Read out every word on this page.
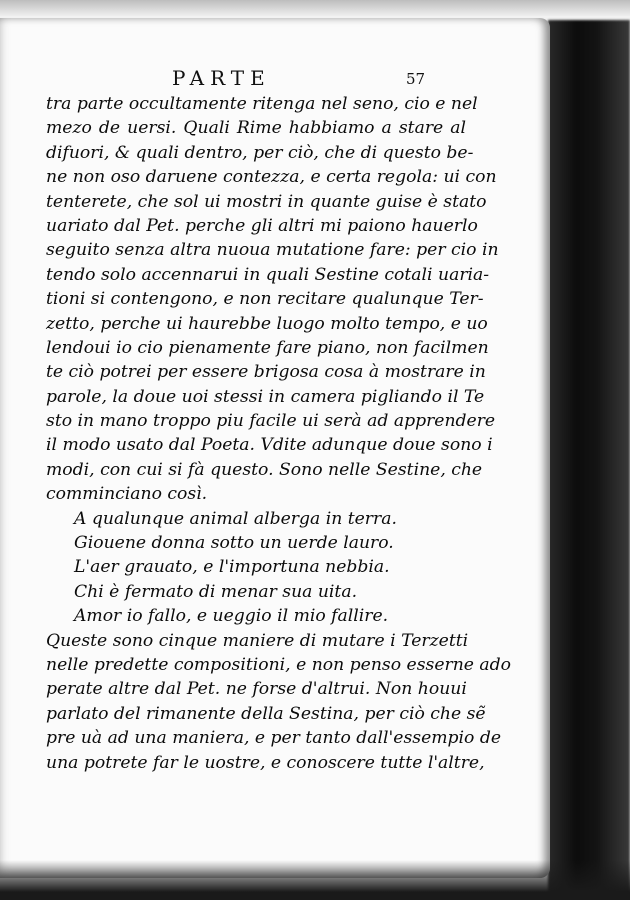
PARTE	57
tra parte occultamente ritenga nel seno, cio e nel
mezo de uersi. Quali Rime habbiamo a stare al
difuori, & quali dentro, per ciò, che di questo be-
ne non oso daruene contezza, e certa regola: ui con
tenterete, che sol ui mostri in quante guise è stato
uariato dal Pet. perche gli altri mi paiono hauerlo
seguito senza altra nuoua mutatione fare: per cio in
tendo solo accennarui in quali Sestine cotali uaria-
tioni si contengono, e non recitare qualunque Ter-
zetto, perche ui haurebbe luogo molto tempo, e uo
lendoui io cio pienamente fare piano, non facilmen
te ciò potrei per essere brigosa cosa à mostrare in
parole, la doue uoi stessi in camera pigliando il Te
sto in mano troppo piu facile ui serà ad apprendere
il modo usato dal Poeta. Vdite adunque doue sono i
modi, con cui si fà questo. Sono nelle Sestine, che
comminciano così.
A qualunque animal alberga in terra.
Giouene donna sotto un uerde lauro.
L'aer grauato, e l'importuna nebbia.
Chi è fermato di menar sua uita.
Amor io fallo, e ueggio il mio fallire.
Queste sono cinque maniere di mutare i Terzetti
nelle predette compositioni, e non penso esserne ado
perate altre dal Pet. ne forse d'altrui. Non houui
parlato del rimanente della Sestina, per ciò che sẽ
pre uà ad una maniera, e per tanto dall'essempio de
una potrete far le uostre, e conoscere tutte l'altre,
